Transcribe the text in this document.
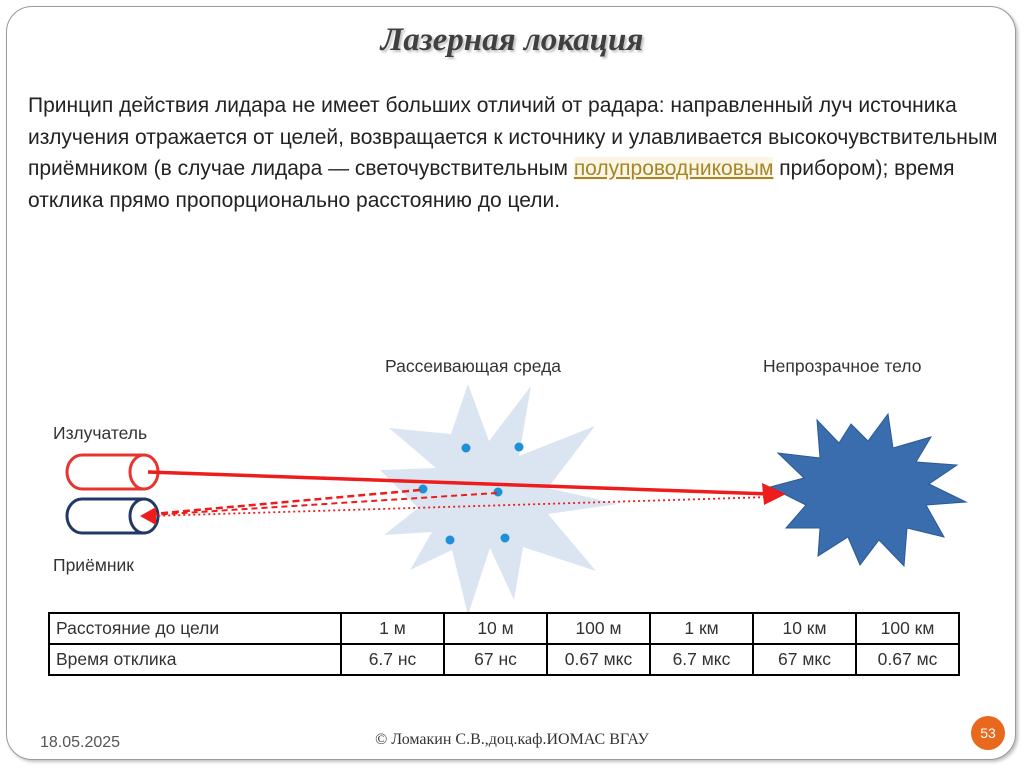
Лазерная локация
Принцип действия лидара не имеет больших отличий от радара: направленный луч источника излучения отражается от целей, возвращается к источнику и улавливается высокочувствительным приёмником (в случае лидара — светочувствительным полупроводниковым прибором); время отклика прямо пропорционально расстоянию до цели.
Излучатель
Приёмник
Рассеивающая среда	Непрозрачное тело
Расстояние до цели	1 м	10 м	100 м	1 км	10 км	100 км
Время отклика	6.7 нс	67 нс	0.67 мкс	6.7 мкс	67 мкс	0.67 мс
18.05.2025	© Ломакин С.В.,доц.каф.ИОМАС ВГАУ	53
